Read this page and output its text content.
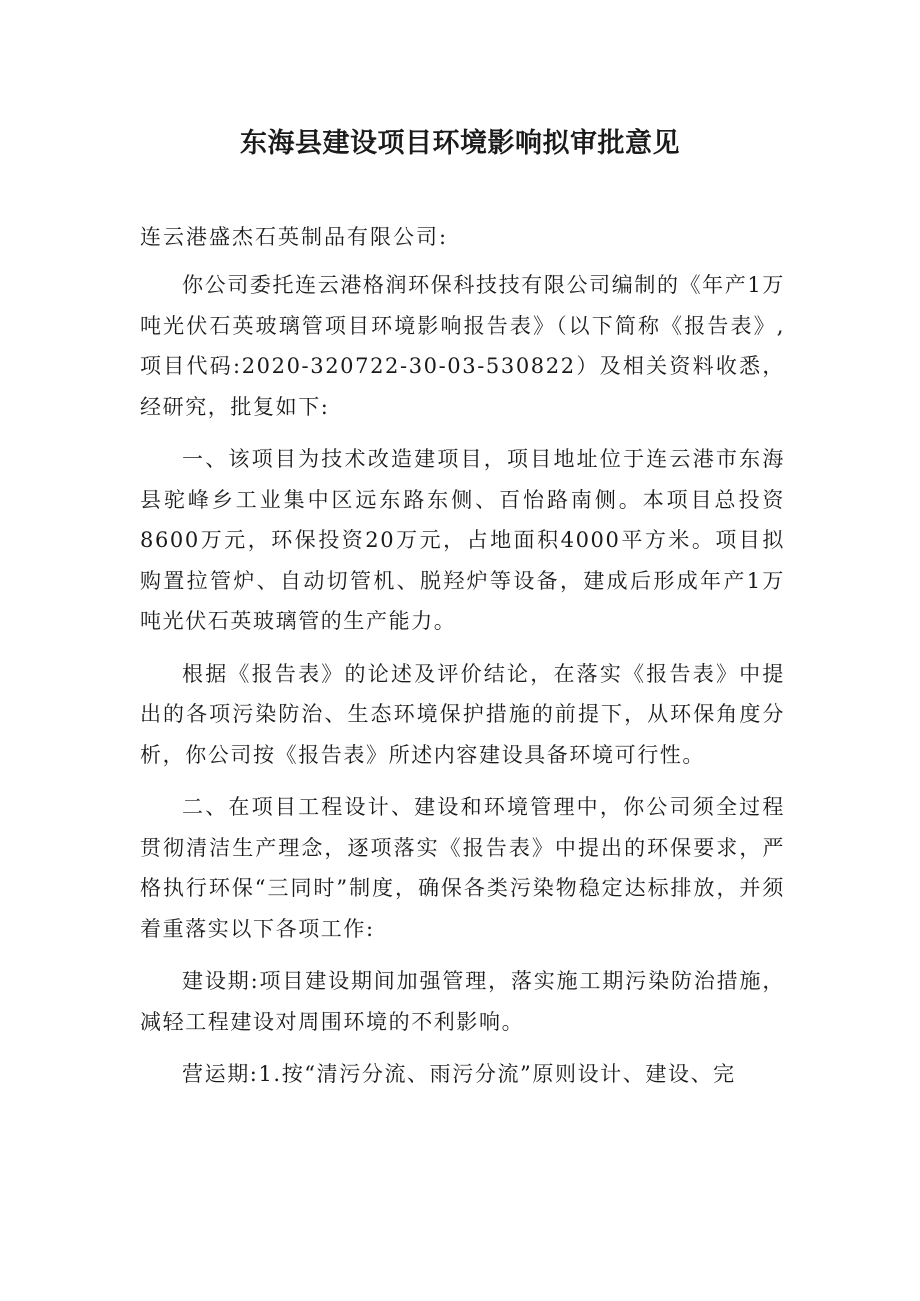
东海县建设项目环境影响拟审批意见

连云港盛杰石英制品有限公司:

你公司委托连云港格润环保科技技有限公司编制的《年产1万吨光伏石英玻璃管项目环境影响报告表》（以下简称《报告表》,项目代码:2020-320722-30-03-530822）及相关资料收悉，经研究，批复如下:

一、该项目为技术改造建项目，项目地址位于连云港市东海县驼峰乡工业集中区远东路东侧、百怡路南侧。本项目总投资8600万元，环保投资20万元，占地面积4000平方米。项目拟购置拉管炉、自动切管机、脱羟炉等设备，建成后形成年产1万吨光伏石英玻璃管的生产能力。

根据《报告表》的论述及评价结论，在落实《报告表》中提出的各项污染防治、生态环境保护措施的前提下，从环保角度分析，你公司按《报告表》所述内容建设具备环境可行性。

二、在项目工程设计、建设和环境管理中，你公司须全过程贯彻清洁生产理念，逐项落实《报告表》中提出的环保要求，严格执行环保“三同时”制度，确保各类污染物稳定达标排放，并须着重落实以下各项工作:

建设期:项目建设期间加强管理，落实施工期污染防治措施，减轻工程建设对周围环境的不利影响。

营运期:1.按“清污分流、雨污分流”原则设计、建设、完
